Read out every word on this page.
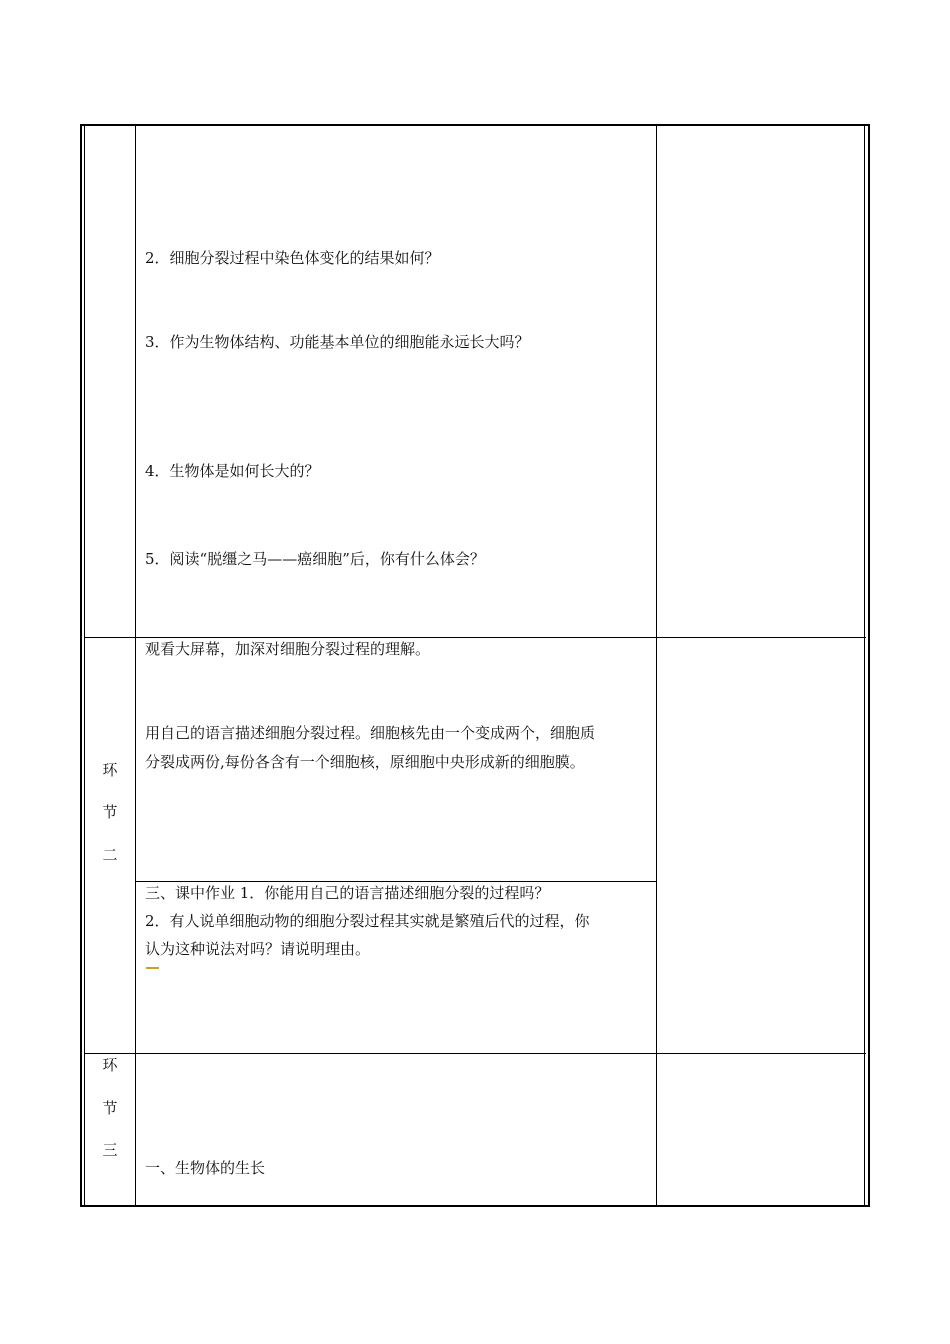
2．细胞分裂过程中染色体变化的结果如何？
3．作为生物体结构、功能基本单位的细胞能永远长大吗？
4．生物体是如何长大的？
5．阅读“脱缰之马——癌细胞”后，你有什么体会？
环
节
二
观看大屏幕，加深对细胞分裂过程的理解。
用自己的语言描述细胞分裂过程。细胞核先由一个变成两个，细胞质
分裂成两份,每份各含有一个细胞核，原细胞中央形成新的细胞膜。
三、课中作业 1．你能用自己的语言描述细胞分裂的过程吗？
2．有人说单细胞动物的细胞分裂过程其实就是繁殖后代的过程，你
认为这种说法对吗？请说明理由。
环
节
三
一、生物体的生长
